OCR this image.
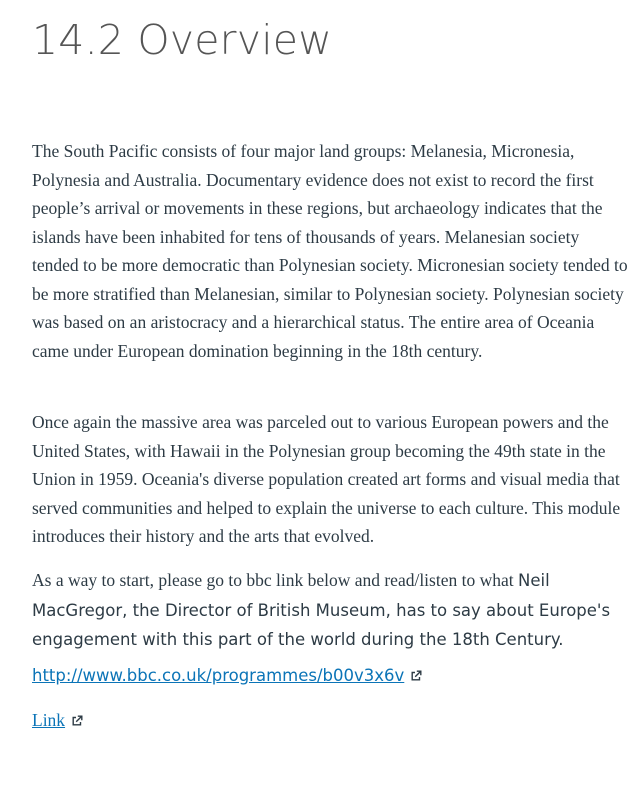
14.2 Overview

The South Pacific consists of four major land groups: Melanesia, Micronesia, Polynesia and Australia. Documentary evidence does not exist to record the first people’s arrival or movements in these regions, but archaeology indicates that the islands have been inhabited for tens of thousands of years. Melanesian society tended to be more democratic than Polynesian society. Micronesian society tended to be more stratified than Melanesian, similar to Polynesian society. Polynesian society was based on an aristocracy and a hierarchical status. The entire area of Oceania came under European domination beginning in the 18th century.

Once again the massive area was parceled out to various European powers and the United States, with Hawaii in the Polynesian group becoming the 49th state in the Union in 1959. Oceania's diverse population created art forms and visual media that served communities and helped to explain the universe to each culture. This module introduces their history and the arts that evolved.

As a way to start, please go to bbc link below and read/listen to what Neil MacGregor, the Director of British Museum, has to say about Europe's engagement with this part of the world during the 18th Century.

http://www.bbc.co.uk/programmes/b00v3x6v

Link
